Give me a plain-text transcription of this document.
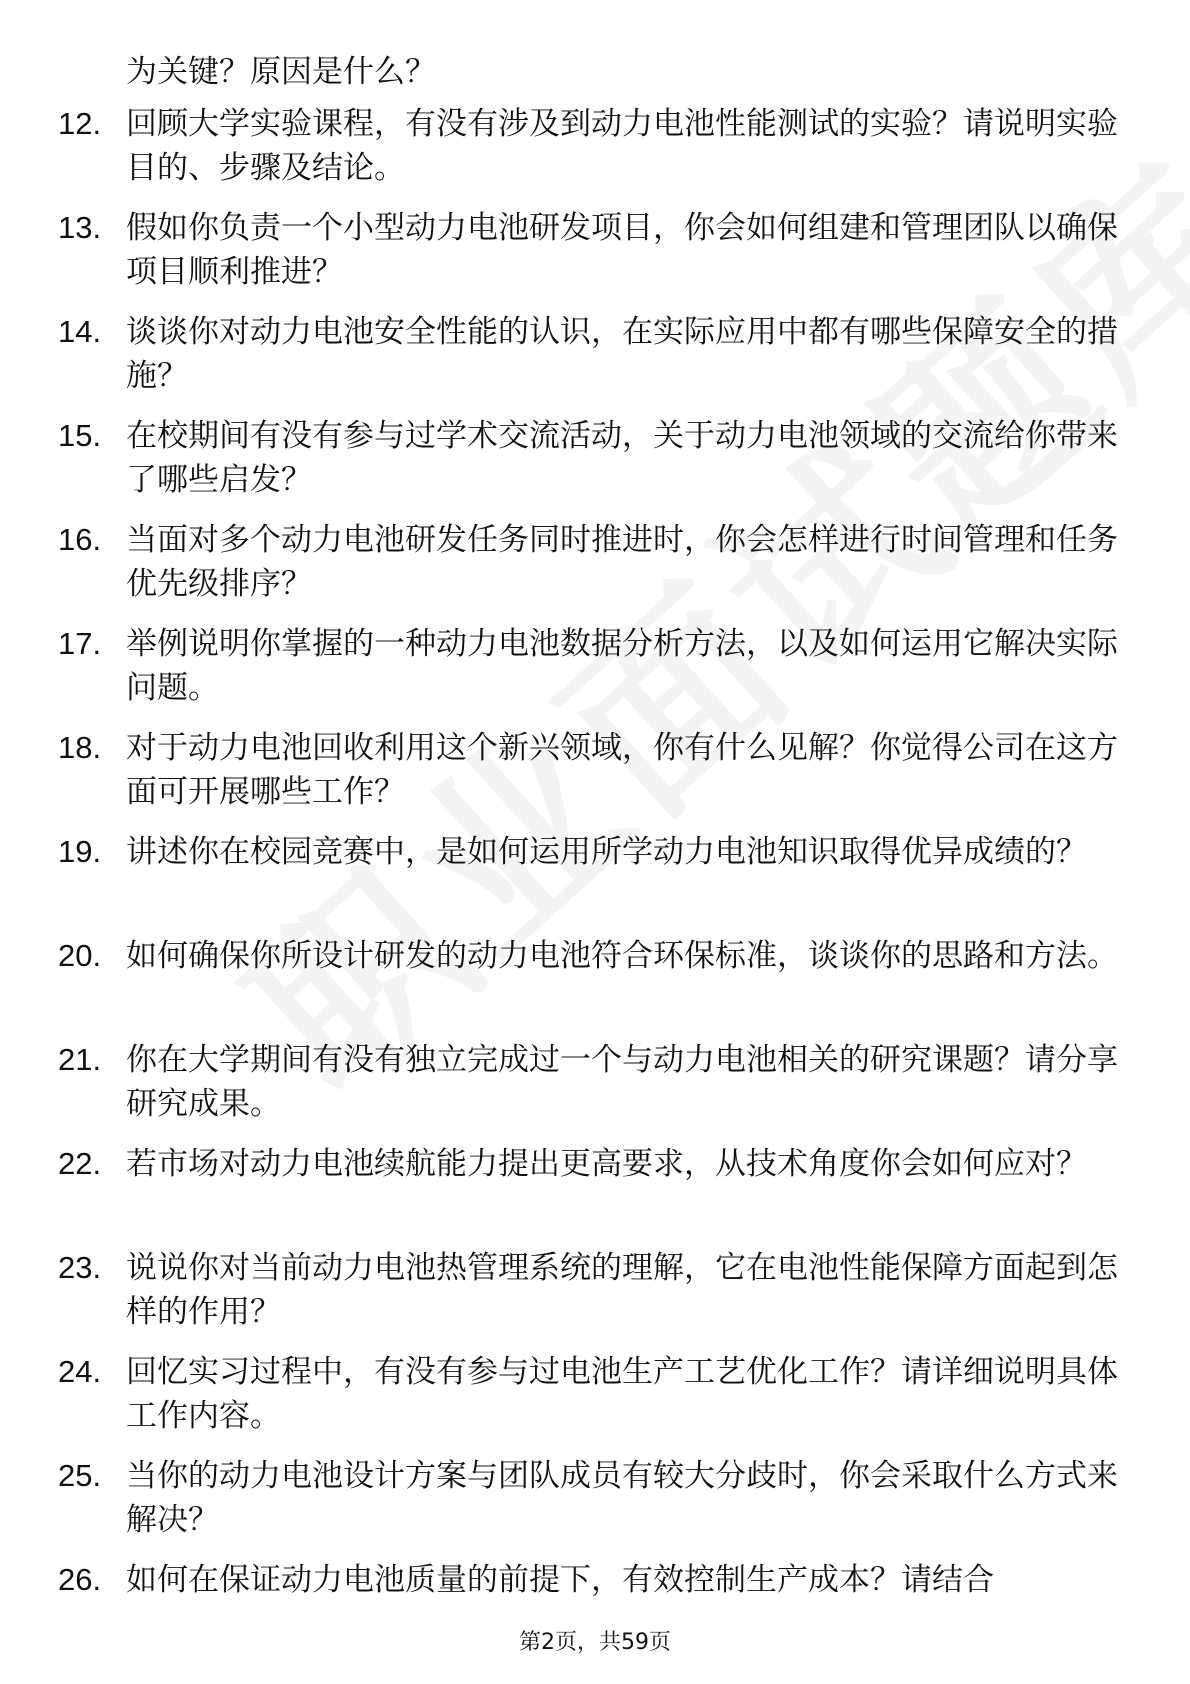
为关键？原因是什么？
12. 回顾大学实验课程，有没有涉及到动力电池性能测试的实验？请说明实验目的、步骤及结论。
13. 假如你负责一个小型动力电池研发项目，你会如何组建和管理团队以确保项目顺利推进？
14. 谈谈你对动力电池安全性能的认识，在实际应用中都有哪些保障安全的措施？
15. 在校期间有没有参与过学术交流活动，关于动力电池领域的交流给你带来了哪些启发？
16. 当面对多个动力电池研发任务同时推进时，你会怎样进行时间管理和任务优先级排序？
17. 举例说明你掌握的一种动力电池数据分析方法，以及如何运用它解决实际问题。
18. 对于动力电池回收利用这个新兴领域，你有什么见解？你觉得公司在这方面可开展哪些工作？
19. 讲述你在校园竞赛中，是如何运用所学动力电池知识取得优异成绩的？
20. 如何确保你所设计研发的动力电池符合环保标准，谈谈你的思路和方法。
21. 你在大学期间有没有独立完成过一个与动力电池相关的研究课题？请分享研究成果。
22. 若市场对动力电池续航能力提出更高要求，从技术角度你会如何应对？
23. 说说你对当前动力电池热管理系统的理解，它在电池性能保障方面起到怎样的作用？
24. 回忆实习过程中，有没有参与过电池生产工艺优化工作？请详细说明具体工作内容。
25. 当你的动力电池设计方案与团队成员有较大分歧时，你会采取什么方式来解决？
26. 如何在保证动力电池质量的前提下，有效控制生产成本？请结合
第2页，共59页
